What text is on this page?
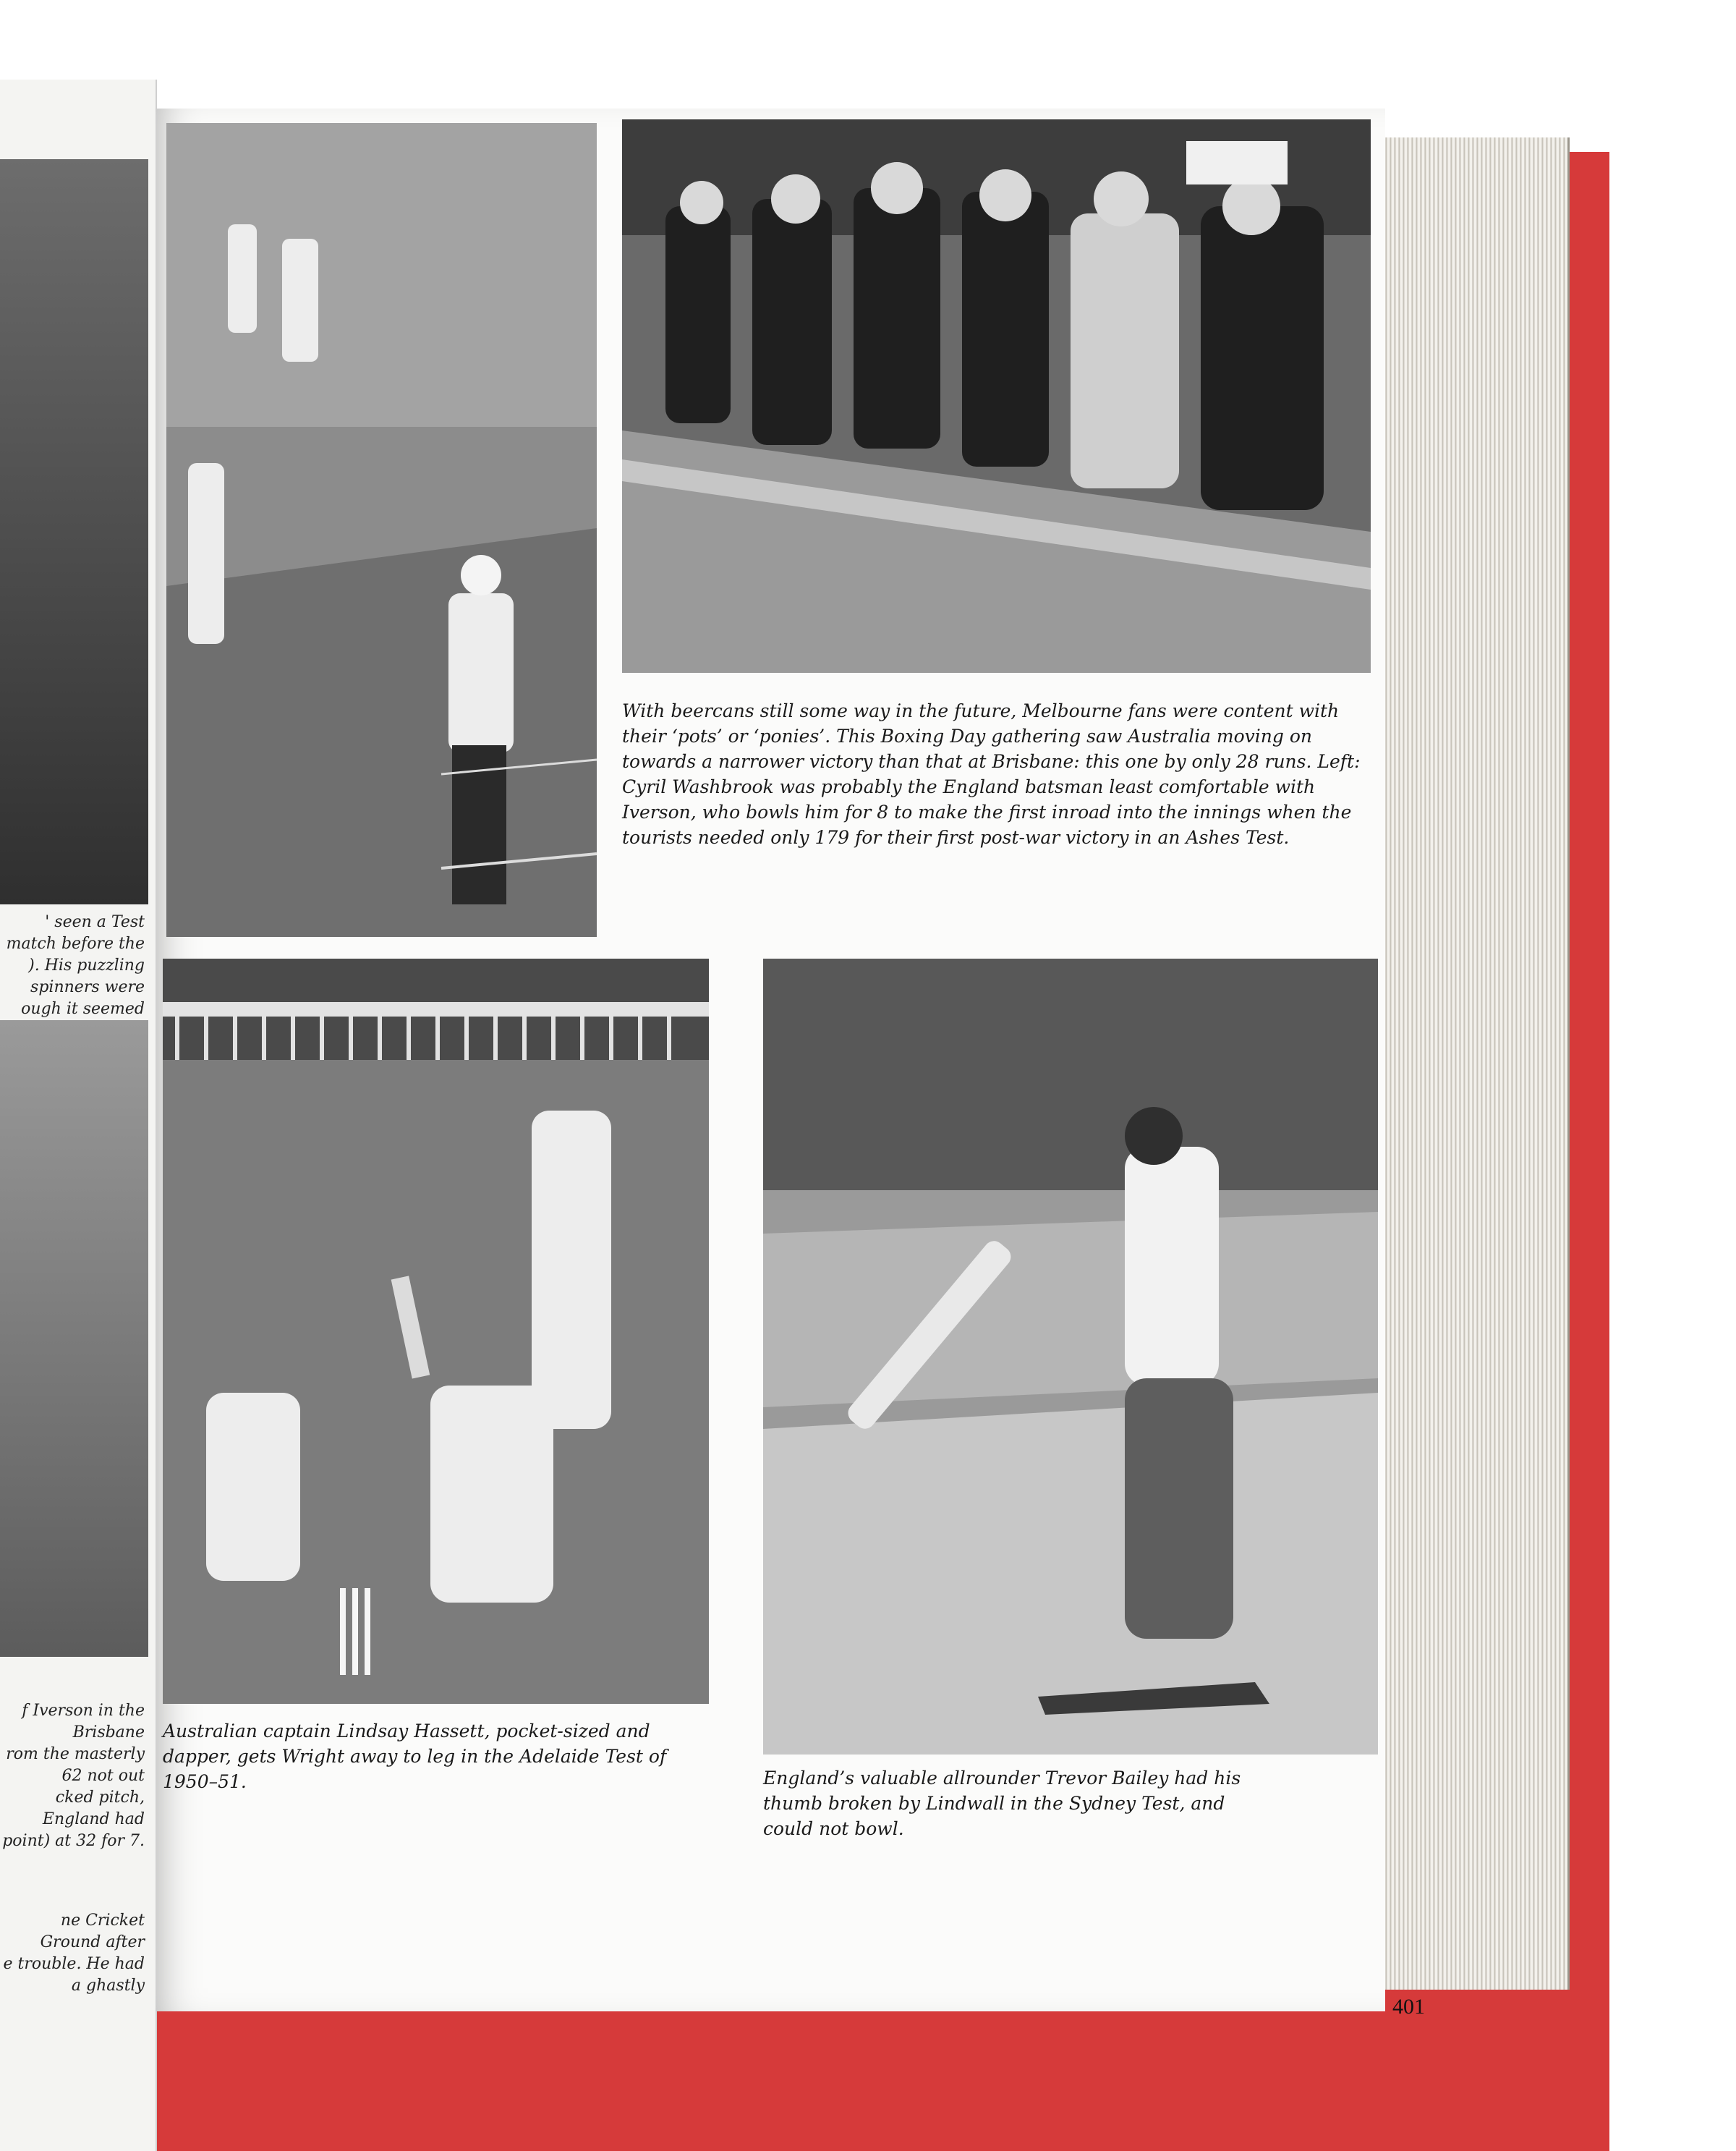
' seen a Test match before the
). His puzzling spinners were
ough it seemed

f Iverson in the Brisbane
rom the masterly 62 not out
cked pitch, England had
point) at 32 for 7.

ne Cricket Ground after
e trouble. He had a ghastly

With beercans still some way in the future, Melbourne fans were content with their ‘pots’ or ‘ponies’. This Boxing Day gathering saw Australia moving on towards a narrower victory than that at Brisbane: this one by only 28 runs. Left: Cyril Washbrook was probably the England batsman least comfortable with Iverson, who bowls him for 8 to make the first inroad into the innings when the tourists needed only 179 for their first post-war victory in an Ashes Test.

Australian captain Lindsay Hassett, pocket-sized and dapper, gets Wright away to leg in the Adelaide Test of 1950–51.	England’s valuable allrounder Trevor Bailey had his thumb broken by Lindwall in the Sydney Test, and could not bowl.

401
